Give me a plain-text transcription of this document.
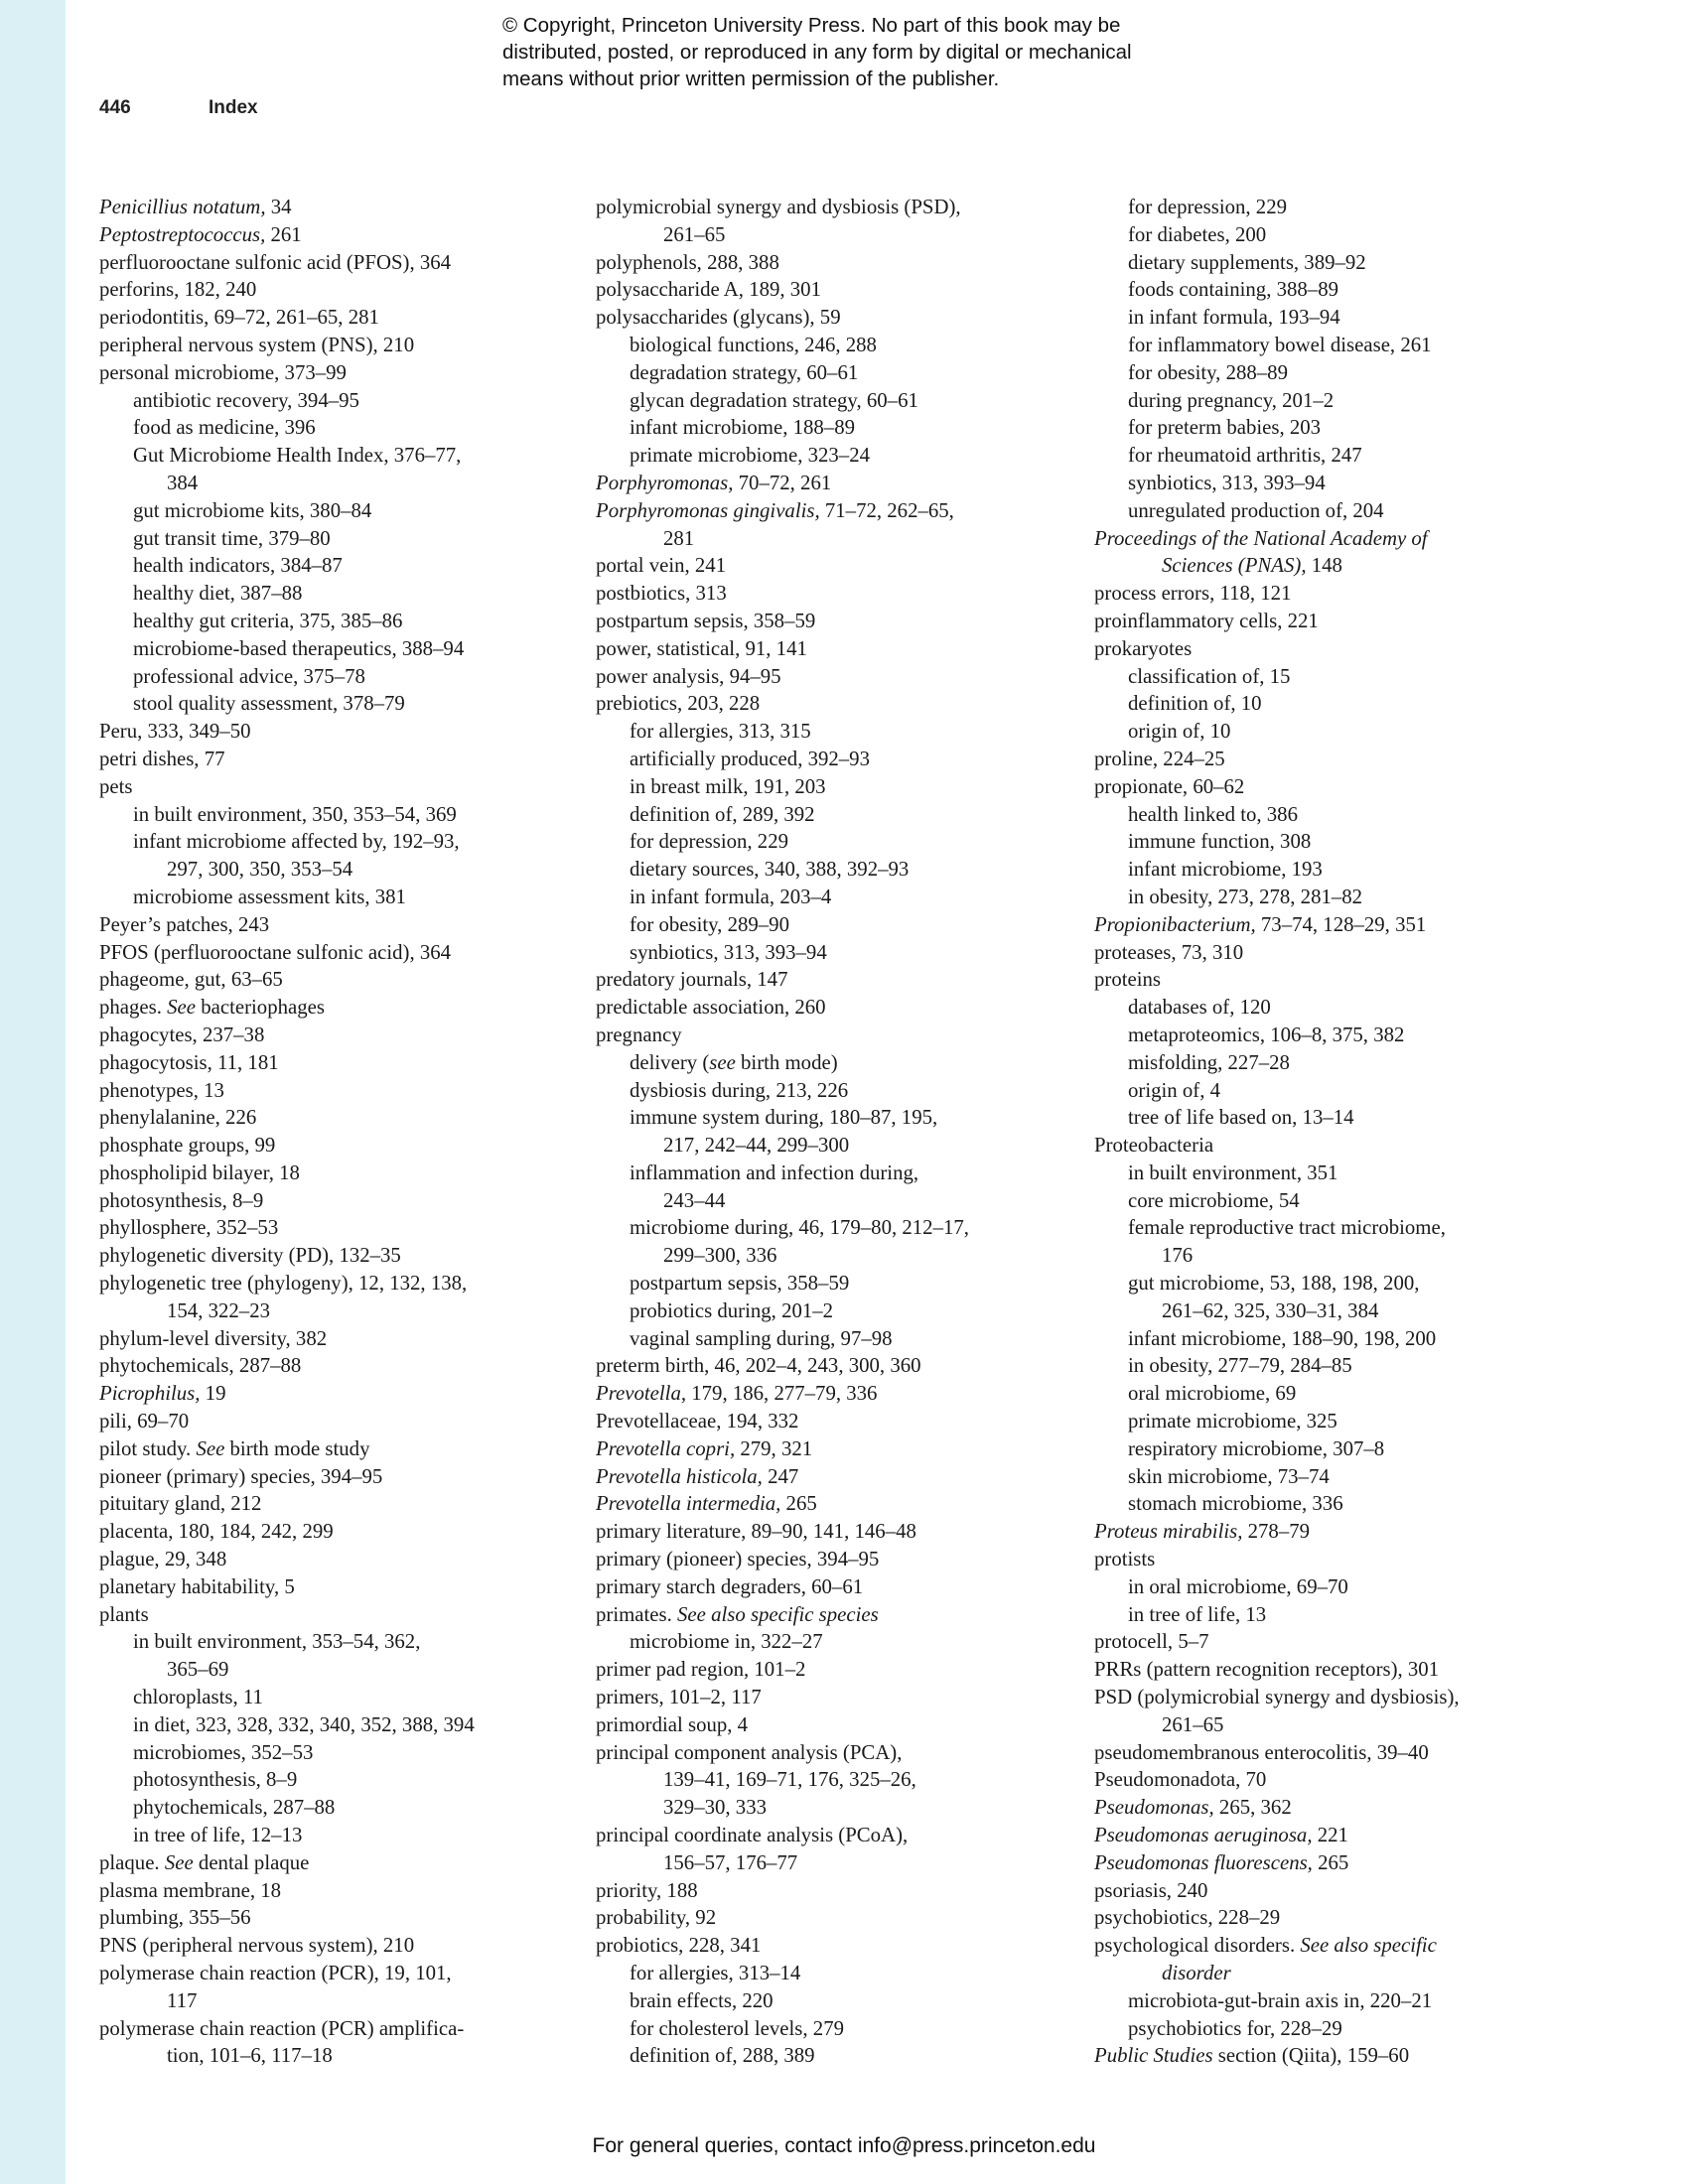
© Copyright, Princeton University Press. No part of this book may be
distributed, posted, or reproduced in any form by digital or mechanical
means without prior written permission of the publisher.
446	Index
Penicillius notatum, 34
Peptostreptococcus, 261
perfluorooctane sulfonic acid (PFOS), 364
perforins, 182, 240
periodontitis, 69–72, 261–65, 281
peripheral nervous system (PNS), 210
personal microbiome, 373–99
antibiotic recovery, 394–95
food as medicine, 396
Gut Microbiome Health Index, 376–77,
384
gut microbiome kits, 380–84
gut transit time, 379–80
health indicators, 384–87
healthy diet, 387–88
healthy gut criteria, 375, 385–86
microbiome-based therapeutics, 388–94
professional advice, 375–78
stool quality assessment, 378–79
Peru, 333, 349–50
petri dishes, 77
pets
in built environment, 350, 353–54, 369
infant microbiome affected by, 192–93,
297, 300, 350, 353–54
microbiome assessment kits, 381
Peyer’s patches, 243
PFOS (perfluorooctane sulfonic acid), 364
phageome, gut, 63–65
phages. See bacteriophages
phagocytes, 237–38
phagocytosis, 11, 181
phenotypes, 13
phenylalanine, 226
phosphate groups, 99
phospholipid bilayer, 18
photosynthesis, 8–9
phyllosphere, 352–53
phylogenetic diversity (PD), 132–35
phylogenetic tree (phylogeny), 12, 132, 138,
154, 322–23
phylum-level diversity, 382
phytochemicals, 287–88
Picrophilus, 19
pili, 69–70
pilot study. See birth mode study
pioneer (primary) species, 394–95
pituitary gland, 212
placenta, 180, 184, 242, 299
plague, 29, 348
planetary habitability, 5
plants
in built environment, 353–54, 362,
365–69
chloroplasts, 11
in diet, 323, 328, 332, 340, 352, 388, 394
microbiomes, 352–53
photosynthesis, 8–9
phytochemicals, 287–88
in tree of life, 12–13
plaque. See dental plaque
plasma membrane, 18
plumbing, 355–56
PNS (peripheral nervous system), 210
polymerase chain reaction (PCR), 19, 101,
117
polymerase chain reaction (PCR) amplifica-
tion, 101–6, 117–18
polymicrobial synergy and dysbiosis (PSD),
261–65
polyphenols, 288, 388
polysaccharide A, 189, 301
polysaccharides (glycans), 59
biological functions, 246, 288
degradation strategy, 60–61
glycan degradation strategy, 60–61
infant microbiome, 188–89
primate microbiome, 323–24
Porphyromonas, 70–72, 261
Porphyromonas gingivalis, 71–72, 262–65,
281
portal vein, 241
postbiotics, 313
postpartum sepsis, 358–59
power, statistical, 91, 141
power analysis, 94–95
prebiotics, 203, 228
for allergies, 313, 315
artificially produced, 392–93
in breast milk, 191, 203
definition of, 289, 392
for depression, 229
dietary sources, 340, 388, 392–93
in infant formula, 203–4
for obesity, 289–90
synbiotics, 313, 393–94
predatory journals, 147
predictable association, 260
pregnancy
delivery (see birth mode)
dysbiosis during, 213, 226
immune system during, 180–87, 195,
217, 242–44, 299–300
inflammation and infection during,
243–44
microbiome during, 46, 179–80, 212–17,
299–300, 336
postpartum sepsis, 358–59
probiotics during, 201–2
vaginal sampling during, 97–98
preterm birth, 46, 202–4, 243, 300, 360
Prevotella, 179, 186, 277–79, 336
Prevotellaceae, 194, 332
Prevotella copri, 279, 321
Prevotella histicola, 247
Prevotella intermedia, 265
primary literature, 89–90, 141, 146–48
primary (pioneer) species, 394–95
primary starch degraders, 60–61
primates. See also specific species
microbiome in, 322–27
primer pad region, 101–2
primers, 101–2, 117
primordial soup, 4
principal component analysis (PCA),
139–41, 169–71, 176, 325–26,
329–30, 333
principal coordinate analysis (PCoA),
156–57, 176–77
priority, 188
probability, 92
probiotics, 228, 341
for allergies, 313–14
brain effects, 220
for cholesterol levels, 279
definition of, 288, 389
for depression, 229
for diabetes, 200
dietary supplements, 389–92
foods containing, 388–89
in infant formula, 193–94
for inflammatory bowel disease, 261
for obesity, 288–89
during pregnancy, 201–2
for preterm babies, 203
for rheumatoid arthritis, 247
synbiotics, 313, 393–94
unregulated production of, 204
Proceedings of the National Academy of
Sciences (PNAS), 148
process errors, 118, 121
proinflammatory cells, 221
prokaryotes
classification of, 15
definition of, 10
origin of, 10
proline, 224–25
propionate, 60–62
health linked to, 386
immune function, 308
infant microbiome, 193
in obesity, 273, 278, 281–82
Propionibacterium, 73–74, 128–29, 351
proteases, 73, 310
proteins
databases of, 120
metaproteomics, 106–8, 375, 382
misfolding, 227–28
origin of, 4
tree of life based on, 13–14
Proteobacteria
in built environment, 351
core microbiome, 54
female reproductive tract microbiome,
176
gut microbiome, 53, 188, 198, 200,
261–62, 325, 330–31, 384
infant microbiome, 188–90, 198, 200
in obesity, 277–79, 284–85
oral microbiome, 69
primate microbiome, 325
respiratory microbiome, 307–8
skin microbiome, 73–74
stomach microbiome, 336
Proteus mirabilis, 278–79
protists
in oral microbiome, 69–70
in tree of life, 13
protocell, 5–7
PRRs (pattern recognition receptors), 301
PSD (polymicrobial synergy and dysbiosis),
261–65
pseudomembranous enterocolitis, 39–40
Pseudomonadota, 70
Pseudomonas, 265, 362
Pseudomonas aeruginosa, 221
Pseudomonas fluorescens, 265
psoriasis, 240
psychobiotics, 228–29
psychological disorders. See also specific
disorder
microbiota-gut-brain axis in, 220–21
psychobiotics for, 228–29
Public Studies section (Qiita), 159–60
For general queries, contact info@press.princeton.edu
